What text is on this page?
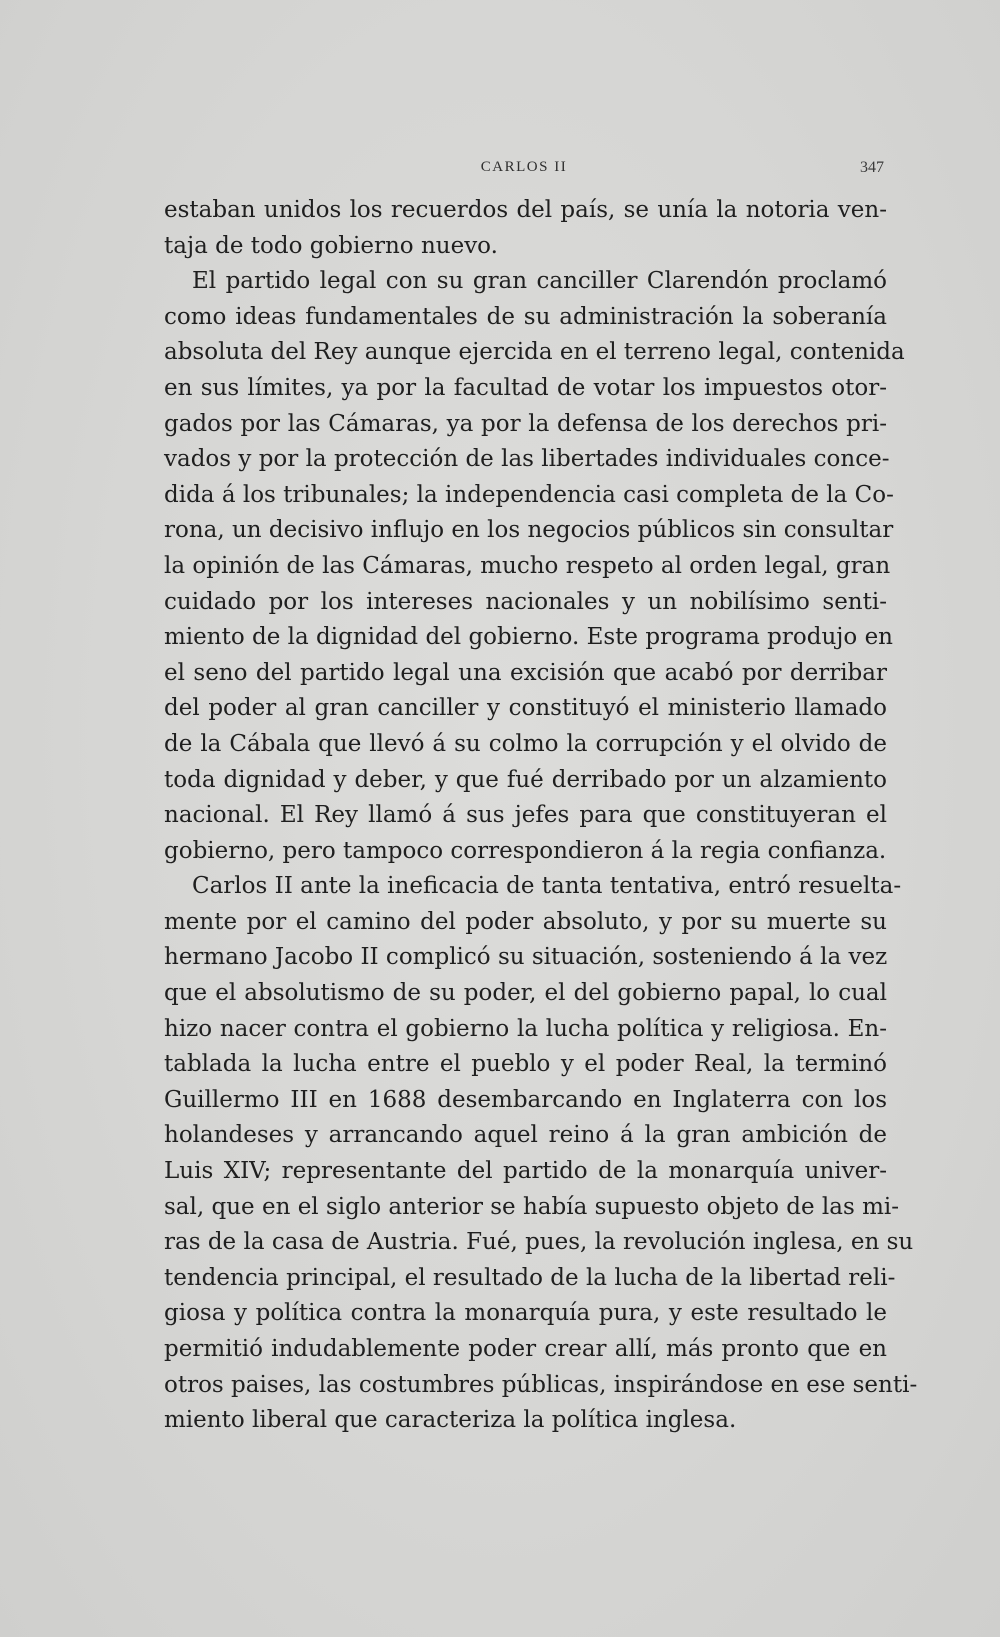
CARLOS II	347
estaban unidos los recuerdos del país, se unía la notoria ven-
taja de todo gobierno nuevo.
El partido legal con su gran canciller Clarendón proclamó
como ideas fundamentales de su administración la soberanía
absoluta del Rey aunque ejercida en el terreno legal, contenida
en sus límites, ya por la facultad de votar los impuestos otor-
gados por las Cámaras, ya por la defensa de los derechos pri-
vados y por la protección de las libertades individuales conce-
dida á los tribunales; la independencia casi completa de la Co-
rona, un decisivo influjo en los negocios públicos sin consultar
la opinión de las Cámaras, mucho respeto al orden legal, gran
cuidado por los intereses nacionales y un nobilísimo senti-
miento de la dignidad del gobierno. Este programa produjo en
el seno del partido legal una excisión que acabó por derribar
del poder al gran canciller y constituyó el ministerio llamado
de la Cábala que llevó á su colmo la corrupción y el olvido de
toda dignidad y deber, y que fué derribado por un alzamiento
nacional. El Rey llamó á sus jefes para que constituyeran el
gobierno, pero tampoco correspondieron á la regia confianza.
Carlos II ante la ineficacia de tanta tentativa, entró resuelta-
mente por el camino del poder absoluto, y por su muerte su
hermano Jacobo II complicó su situación, sosteniendo á la vez
que el absolutismo de su poder, el del gobierno papal, lo cual
hizo nacer contra el gobierno la lucha política y religiosa. En-
tablada la lucha entre el pueblo y el poder Real, la terminó
Guillermo III en 1688 desembarcando en Inglaterra con los
holandeses y arrancando aquel reino á la gran ambición de
Luis XIV; representante del partido de la monarquía univer-
sal, que en el siglo anterior se había supuesto objeto de las mi-
ras de la casa de Austria. Fué, pues, la revolución inglesa, en su
tendencia principal, el resultado de la lucha de la libertad reli-
giosa y política contra la monarquía pura, y este resultado le
permitió indudablemente poder crear allí, más pronto que en
otros paises, las costumbres públicas, inspirándose en ese senti-
miento liberal que caracteriza la política inglesa.
